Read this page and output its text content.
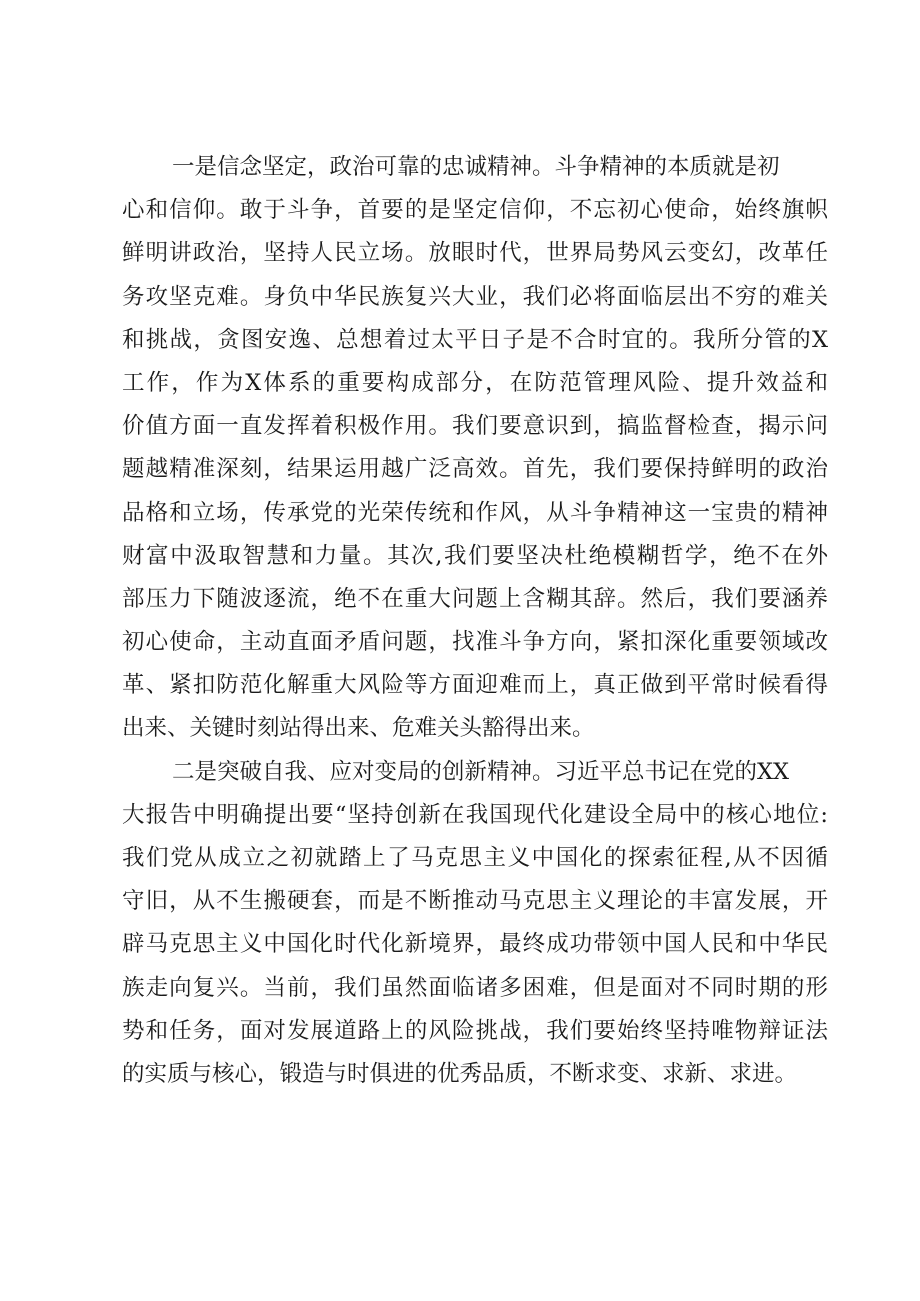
一是信念坚定，政治可靠的忠诚精神。斗争精神的本质就是初
心和信仰。敢于斗争，首要的是坚定信仰，不忘初心使命，始终旗帜
鲜明讲政治，坚持人民立场。放眼时代，世界局势风云变幻，改革任
务攻坚克难。身负中华民族复兴大业，我们必将面临层出不穷的难关
和挑战，贪图安逸、总想着过太平日子是不合时宜的。我所分管的X
工作，作为X体系的重要构成部分，在防范管理风险、提升效益和
价值方面一直发挥着积极作用。我们要意识到，搞监督检查，揭示问
题越精准深刻，结果运用越广泛高效。首先，我们要保持鲜明的政治
品格和立场，传承党的光荣传统和作风，从斗争精神这一宝贵的精神
财富中汲取智慧和力量。其次,我们要坚决杜绝模糊哲学，绝不在外
部压力下随波逐流，绝不在重大问题上含糊其辞。然后，我们要涵养
初心使命，主动直面矛盾问题，找准斗争方向，紧扣深化重要领域改
革、紧扣防范化解重大风险等方面迎难而上，真正做到平常时候看得
出来、关键时刻站得出来、危难关头豁得出来。
二是突破自我、应对变局的创新精神。习近平总书记在党的XX
大报告中明确提出要“坚持创新在我国现代化建设全局中的核心地位:
我们党从成立之初就踏上了马克思主义中国化的探索征程,从不因循
守旧，从不生搬硬套，而是不断推动马克思主义理论的丰富发展，开
辟马克思主义中国化时代化新境界，最终成功带领中国人民和中华民
族走向复兴。当前，我们虽然面临诸多困难，但是面对不同时期的形
势和任务，面对发展道路上的风险挑战，我们要始终坚持唯物辩证法
的实质与核心，锻造与时俱进的优秀品质，不断求变、求新、求进。
